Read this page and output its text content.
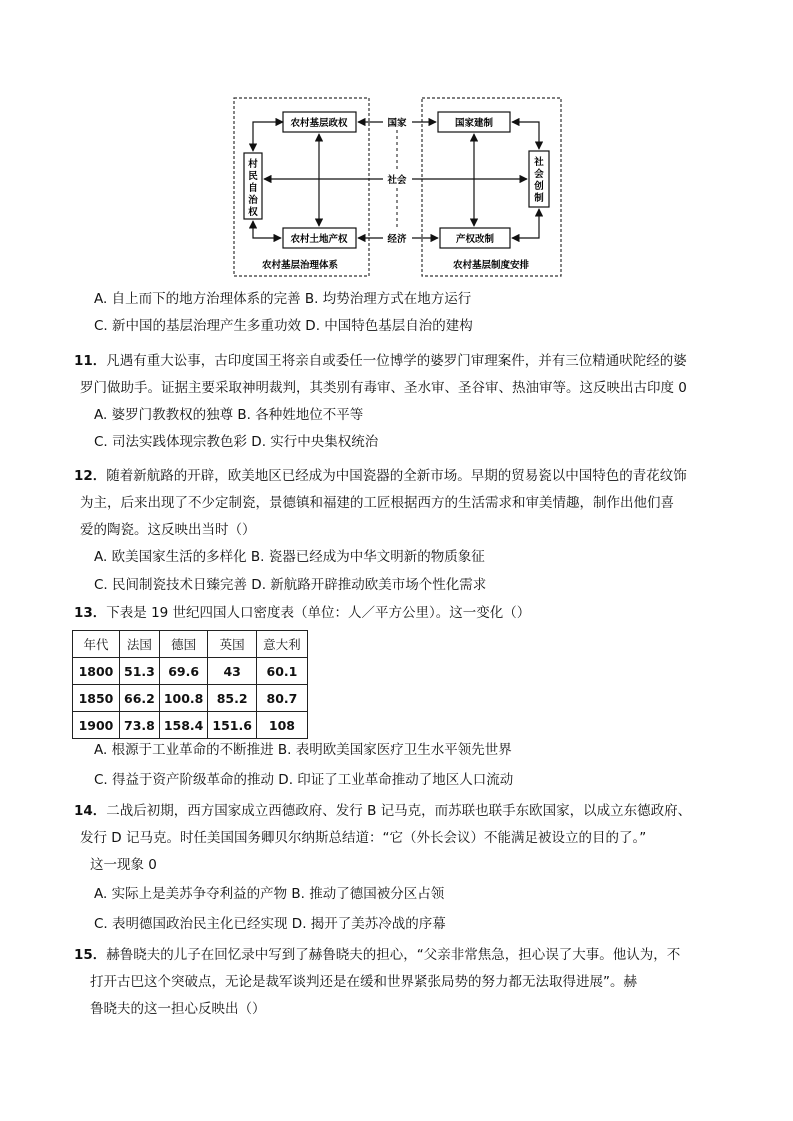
农村基层政权
村民自治权
农村土地产权
农村基层治理体系
国家建制
社会创制
产权改制
农村基层制度安排
国家
社会
经济
A. 自上而下的地方治理体系的完善 B. 均势治理方式在地方运行
C. 新中国的基层治理产生多重功效 D. 中国特色基层自治的建构
11．凡遇有重大讼事，古印度国王将亲自或委任一位博学的婆罗门审理案件，并有三位精通吠陀经的婆
罗门做助手。证据主要采取神明裁判，其类别有毒审、圣水审、圣谷审、热油审等。这反映出古印度 0
A. 婆罗门教教权的独尊 B. 各种姓地位不平等
C. 司法实践体现宗教色彩 D. 实行中央集权统治
12．随着新航路的开辟，欧美地区已经成为中国瓷器的全新市场。早期的贸易瓷以中国特色的青花纹饰
为主，后来出现了不少定制瓷，景德镇和福建的工匠根据西方的生活需求和审美情趣，制作出他们喜
爱的陶瓷。这反映出当时（）
A. 欧美国家生活的多样化 B. 瓷器已经成为中华文明新的物质象征
C. 民间制瓷技术日臻完善 D. 新航路开辟推动欧美市场个性化需求
13．下表是 19 世纪四国人口密度表（单位：人／平方公里）。这一变化（）
年代	法国	德国	英国	意大利
1800	51.3	69.6	43	60.1
1850	66.2	100.8	85.2	80.7
1900	73.8	158.4	151.6	108
A. 根源于工业革命的不断推进 B. 表明欧美国家医疗卫生水平领先世界
C. 得益于资产阶级革命的推动 D. 印证了工业革命推动了地区人口流动
14．二战后初期，西方国家成立西德政府、发行 B 记马克，而苏联也联手东欧国家，以成立东德政府、
发行 D 记马克。时任美国国务卿贝尔纳斯总结道：“它（外长会议）不能满足被设立的目的了。”
这一现象 0
A. 实际上是美苏争夺利益的产物 B. 推动了德国被分区占领
C. 表明德国政治民主化已经实现 D. 揭开了美苏冷战的序幕
15．赫鲁晓夫的儿子在回忆录中写到了赫鲁晓夫的担心，“父亲非常焦急，担心误了大事。他认为，不
打开古巴这个突破点，无论是裁军谈判还是在缓和世界紧张局势的努力都无法取得进展”。赫
鲁晓夫的这一担心反映出（）
